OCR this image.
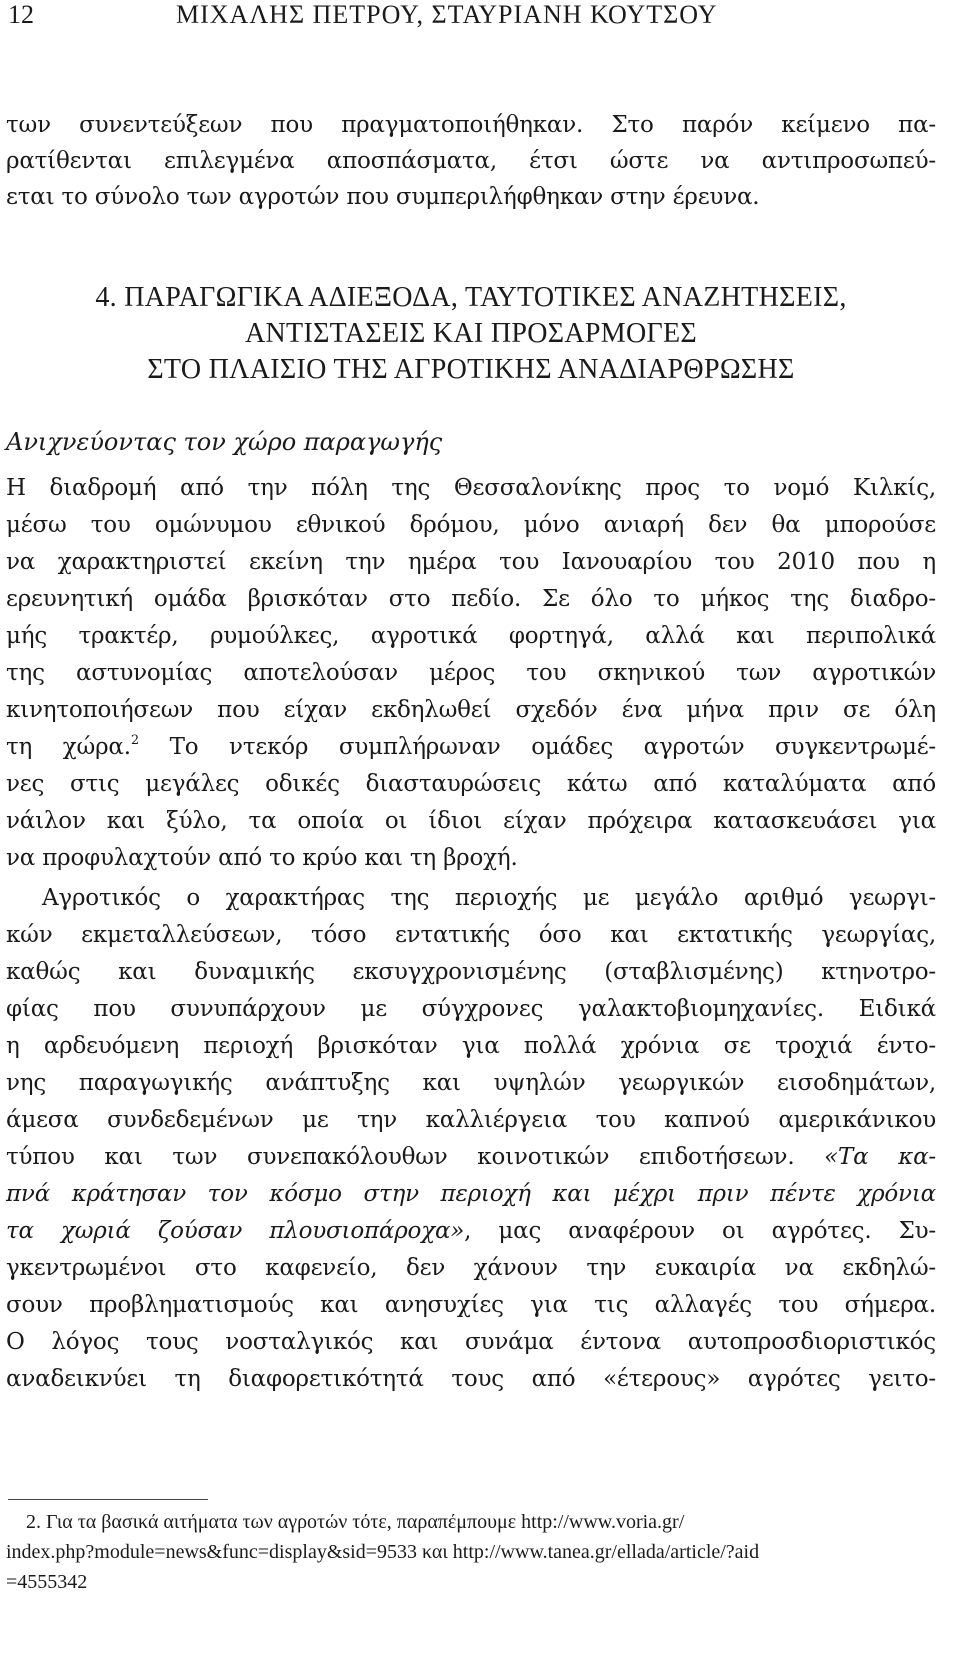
12	ΜΙΧΑΛΗΣ ΠΕΤΡΟΥ, ΣΤΑΥΡΙΑΝΗ ΚΟΥΤΣΟΥ
των συνεντεύξεων που πραγματοποιήθηκαν. Στο παρόν κείμενο πα-
ρατίθενται επιλεγμένα αποσπάσματα, έτσι ώστε να αντιπροσωπεύ-
εται το σύνολο των αγροτών που συμπεριλήφθηκαν στην έρευνα.
4. ΠΑΡΑΓΩΓΙΚΑ ΑΔΙΕΞΟΔΑ, ΤΑΥΤΟΤΙΚΕΣ ΑΝΑΖΗΤΗΣΕΙΣ,
ΑΝΤΙΣΤΑΣΕΙΣ ΚΑΙ ΠΡΟΣΑΡΜΟΓΕΣ
ΣΤΟ ΠΛΑΙΣΙΟ ΤΗΣ ΑΓΡΟΤΙΚΗΣ ΑΝΑΔΙΑΡΘΡΩΣΗΣ
Ανιχνεύοντας τον χώρο παραγωγής
Η διαδρομή από την πόλη της Θεσσαλονίκης προς το νομό Κιλκίς,
μέσω του ομώνυμου εθνικού δρόμου, μόνο ανιαρή δεν θα μπορούσε
να χαρακτηριστεί εκείνη την ημέρα του Ιανουαρίου του 2010 που η
ερευνητική ομάδα βρισκόταν στο πεδίο. Σε όλο το μήκος της διαδρο-
μής τρακτέρ, ρυμούλκες, αγροτικά φορτηγά, αλλά και περιπολικά
της αστυνομίας αποτελούσαν μέρος του σκηνικού των αγροτικών
κινητοποιήσεων που είχαν εκδηλωθεί σχεδόν ένα μήνα πριν σε όλη
τη χώρα.$^2$ Το ντεκόρ συμπλήρωναν ομάδες αγροτών συγκεντρωμέ-
νες στις μεγάλες οδικές διασταυρώσεις κάτω από καταλύματα από
νάιλον και ξύλο, τα οποία οι ίδιοι είχαν πρόχειρα κατασκευάσει για
να προφυλαχτούν από το κρύο και τη βροχή.
Αγροτικός ο χαρακτήρας της περιοχής με μεγάλο αριθμό γεωργι-
κών εκμεταλλεύσεων, τόσο εντατικής όσο και εκτατικής γεωργίας,
καθώς και δυναμικής εκσυγχρονισμένης (σταβλισμένης) κτηνοτρο-
φίας που συνυπάρχουν με σύγχρονες γαλακτοβιομηχανίες. Ειδικά
η αρδευόμενη περιοχή βρισκόταν για πολλά χρόνια σε τροχιά έντο-
νης παραγωγικής ανάπτυξης και υψηλών γεωργικών εισοδημάτων,
άμεσα συνδεδεμένων με την καλλιέργεια του καπνού αμερικάνικου
τύπου και των συνεπακόλουθων κοινοτικών επιδοτήσεων. «Τα κα-
πνά κράτησαν τον κόσμο στην περιοχή και μέχρι πριν πέντε χρόνια
τα χωριά ζούσαν πλουσιοπάροχα», μας αναφέρουν οι αγρότες. Συ-
γκεντρωμένοι στο καφενείο, δεν χάνουν την ευκαιρία να εκδηλώ-
σουν προβληματισμούς και ανησυχίες για τις αλλαγές του σήμερα.
Ο λόγος τους νοσταλγικός και συνάμα έντονα αυτοπροσδιοριστικός
αναδεικνύει τη διαφορετικότητά τους από «έτερους» αγρότες γειτο-
2. Για τα βασικά αιτήματα των αγροτών τότε, παραπέμπουμε http://www.voria.gr/
index.php?module=news&func=display&sid=9533 και http://www.tanea.gr/ellada/article/?aid
=4555342
